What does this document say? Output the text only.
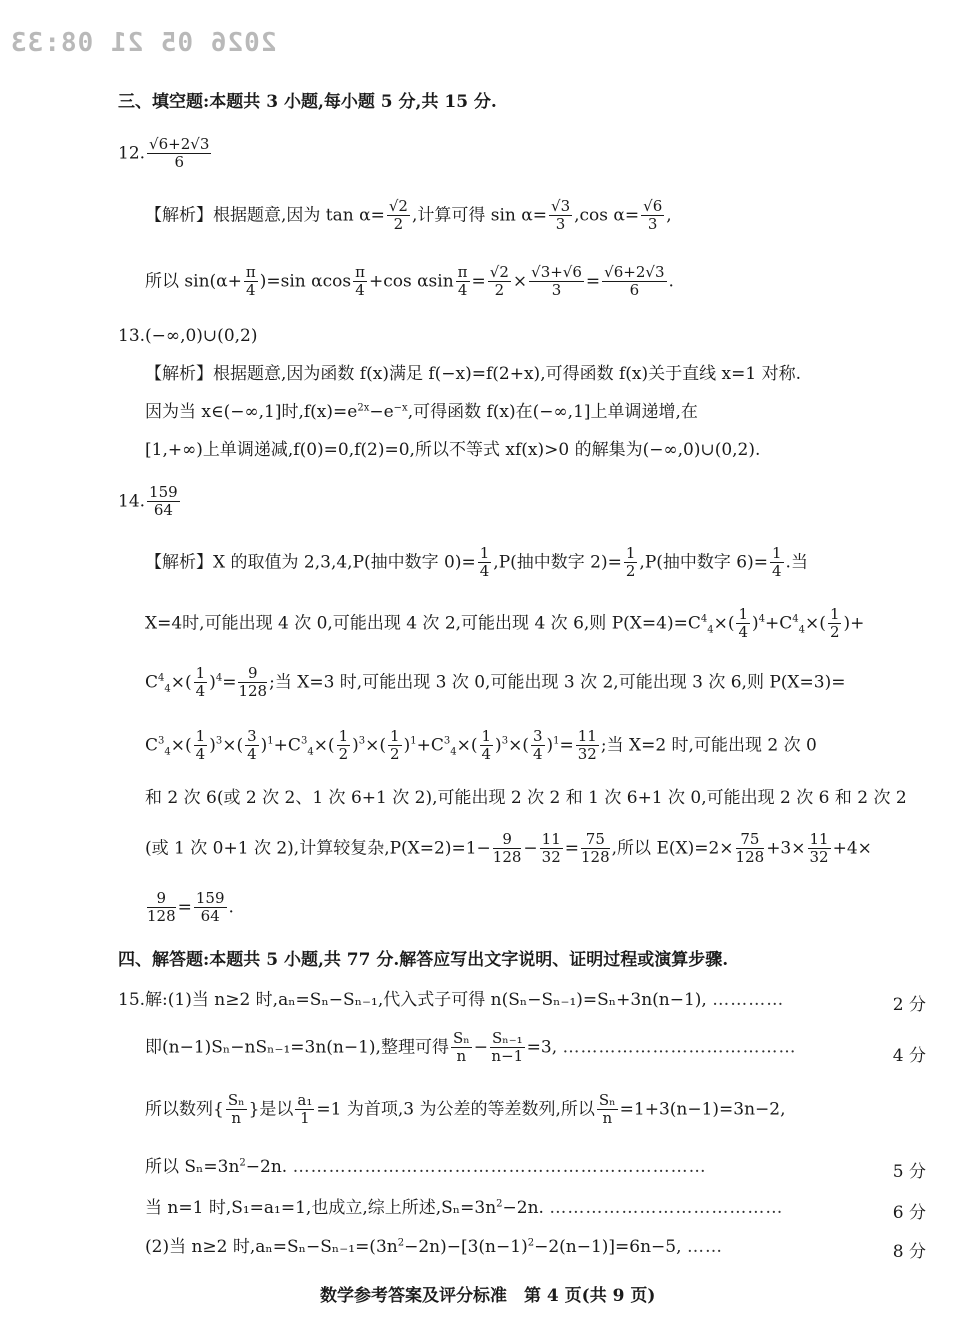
2026 05 21 08:33
三、填空题:本题共 3 小题,每小题 5 分,共 15 分.
12. $\frac{√6+2√3}{6}$
【解析】根据题意,因为 $\tan \alpha= \frac{√2}{2}$ ,计算可得 $\sin \alpha= \frac{√3}{3} ,\cos$ $\alpha= \frac{√6}{3}$ ,
所以 $\sin(\alpha+ \frac{\pi}{4} )=\sin$ αcos $\frac{\pi}{4} +\cos$ αsin $\frac{\pi}{4} = \frac{√2}{2} \times \frac{√3+√6}{3} = \frac{√6+2√3}{6}$ .
13.(−∞,0)∪(0,2)
【解析】根据题意,因为函数 f(x)满足 f(−x)=f(2+x),可得函数 f(x)关于直线 x=1 对称.
因为当 x∈(−∞,1]时$,f(x)=e^{2x}-e^{-x}$,可得函数 f(x)在(−∞,1]上单调递增,在
[1,+∞)上单调递减,f(0)=0,f(2)=0,所以不等式 xf(x)>0 的解集为(−∞,0)∪(0,2).
14. $\frac{159}{64}$
【解析】X 的取值为 2,3,4,P(抽中数字 $0)= \frac{1}{4} ,P$(抽中数字 $2)= \frac{1}{2} ,P$(抽中数字 $6)= \frac{1}{4}$ .当
X=4时,可能出现 4 次 0,可能出现 4 次 2,可能出现 4 次 6,则 $P(X=4)=C^4_4\times( \frac{1}{4} )^4+C^4_4\times( \frac{1}{2}$ )+
$C^4_4\times( \frac{1}{4} )^4= \frac{9}{128}$ ;当 X=3 时,可能出现 3 次 0,可能出现 3 次 2,可能出现 3 次 6,则 P(X=3)=
$C^3_4\times( \frac{1}{4} )^3\times( \frac{3}{4} )^1+C^3_4\times( \frac{1}{2} )^3\times( \frac{1}{2} )^1+C^3_4\times( \frac{1}{4} )^3\times( \frac{3}{4} )^1= \frac{11}{32}$ ;当 X=2 时,可能出现 2 次 0
和 2 次 6(或 2 次 2、1 次 6+1 次 2),可能出现 2 次 2 和 1 次 6+1 次 0,可能出现 2 次 6 和 2 次 2
(或 1 次 0+1 次 2),计算较复杂$,P(X=2)=1- \frac{9}{128} - \frac{11}{32} = \frac{75}{128}$ ,所以 $E(X)=2\times \frac{75}{128} +3\times \frac{11}{32} +4\times$
$\frac{9}{128} = \frac{159}{64}$ .
四、解答题:本题共 5 小题,共 77 分.解答应写出文字说明、证明过程或演算步骤.
15.解:(1)当 n≥2 时,aₙ=Sₙ−Sₙ₋₁,代入式子可得 n(Sₙ−Sₙ₋₁)=Sₙ+3n(n−1), …………	2 分
即(n−1)Sₙ−nSₙ₋₁=3n(n−1),整理可得 $\frac{\text{Sₙ}}{n} - \frac{\text{Sₙ₋₁}}{n-1} =3$, …………………………………	4 分
所以数列{ $\frac{\text{Sₙ}}{n}$ }是以 $\frac{\text{a₁}}{1} =1$ 为首项,3 为公差的等差数列,所以 $\frac{\text{Sₙ}}{n} =1+3(n-1)=3n-2$,
所以 $S_n=3n^2-2n$. ……………………………………………………………	5 分
当 n=1 时,S₁=a₁=1,也成立,综上所述$,S_n=3n^2-2n$. …………………………………	6 分
(2)当 n≥2 时$,a_n=S_n-S_{n-1}=(3n^2-2n)-[3(n-1)^2-2(n-1)]=6n-5$, ……	8 分
数学参考答案及评分标准　第 4 页(共 9 页)
